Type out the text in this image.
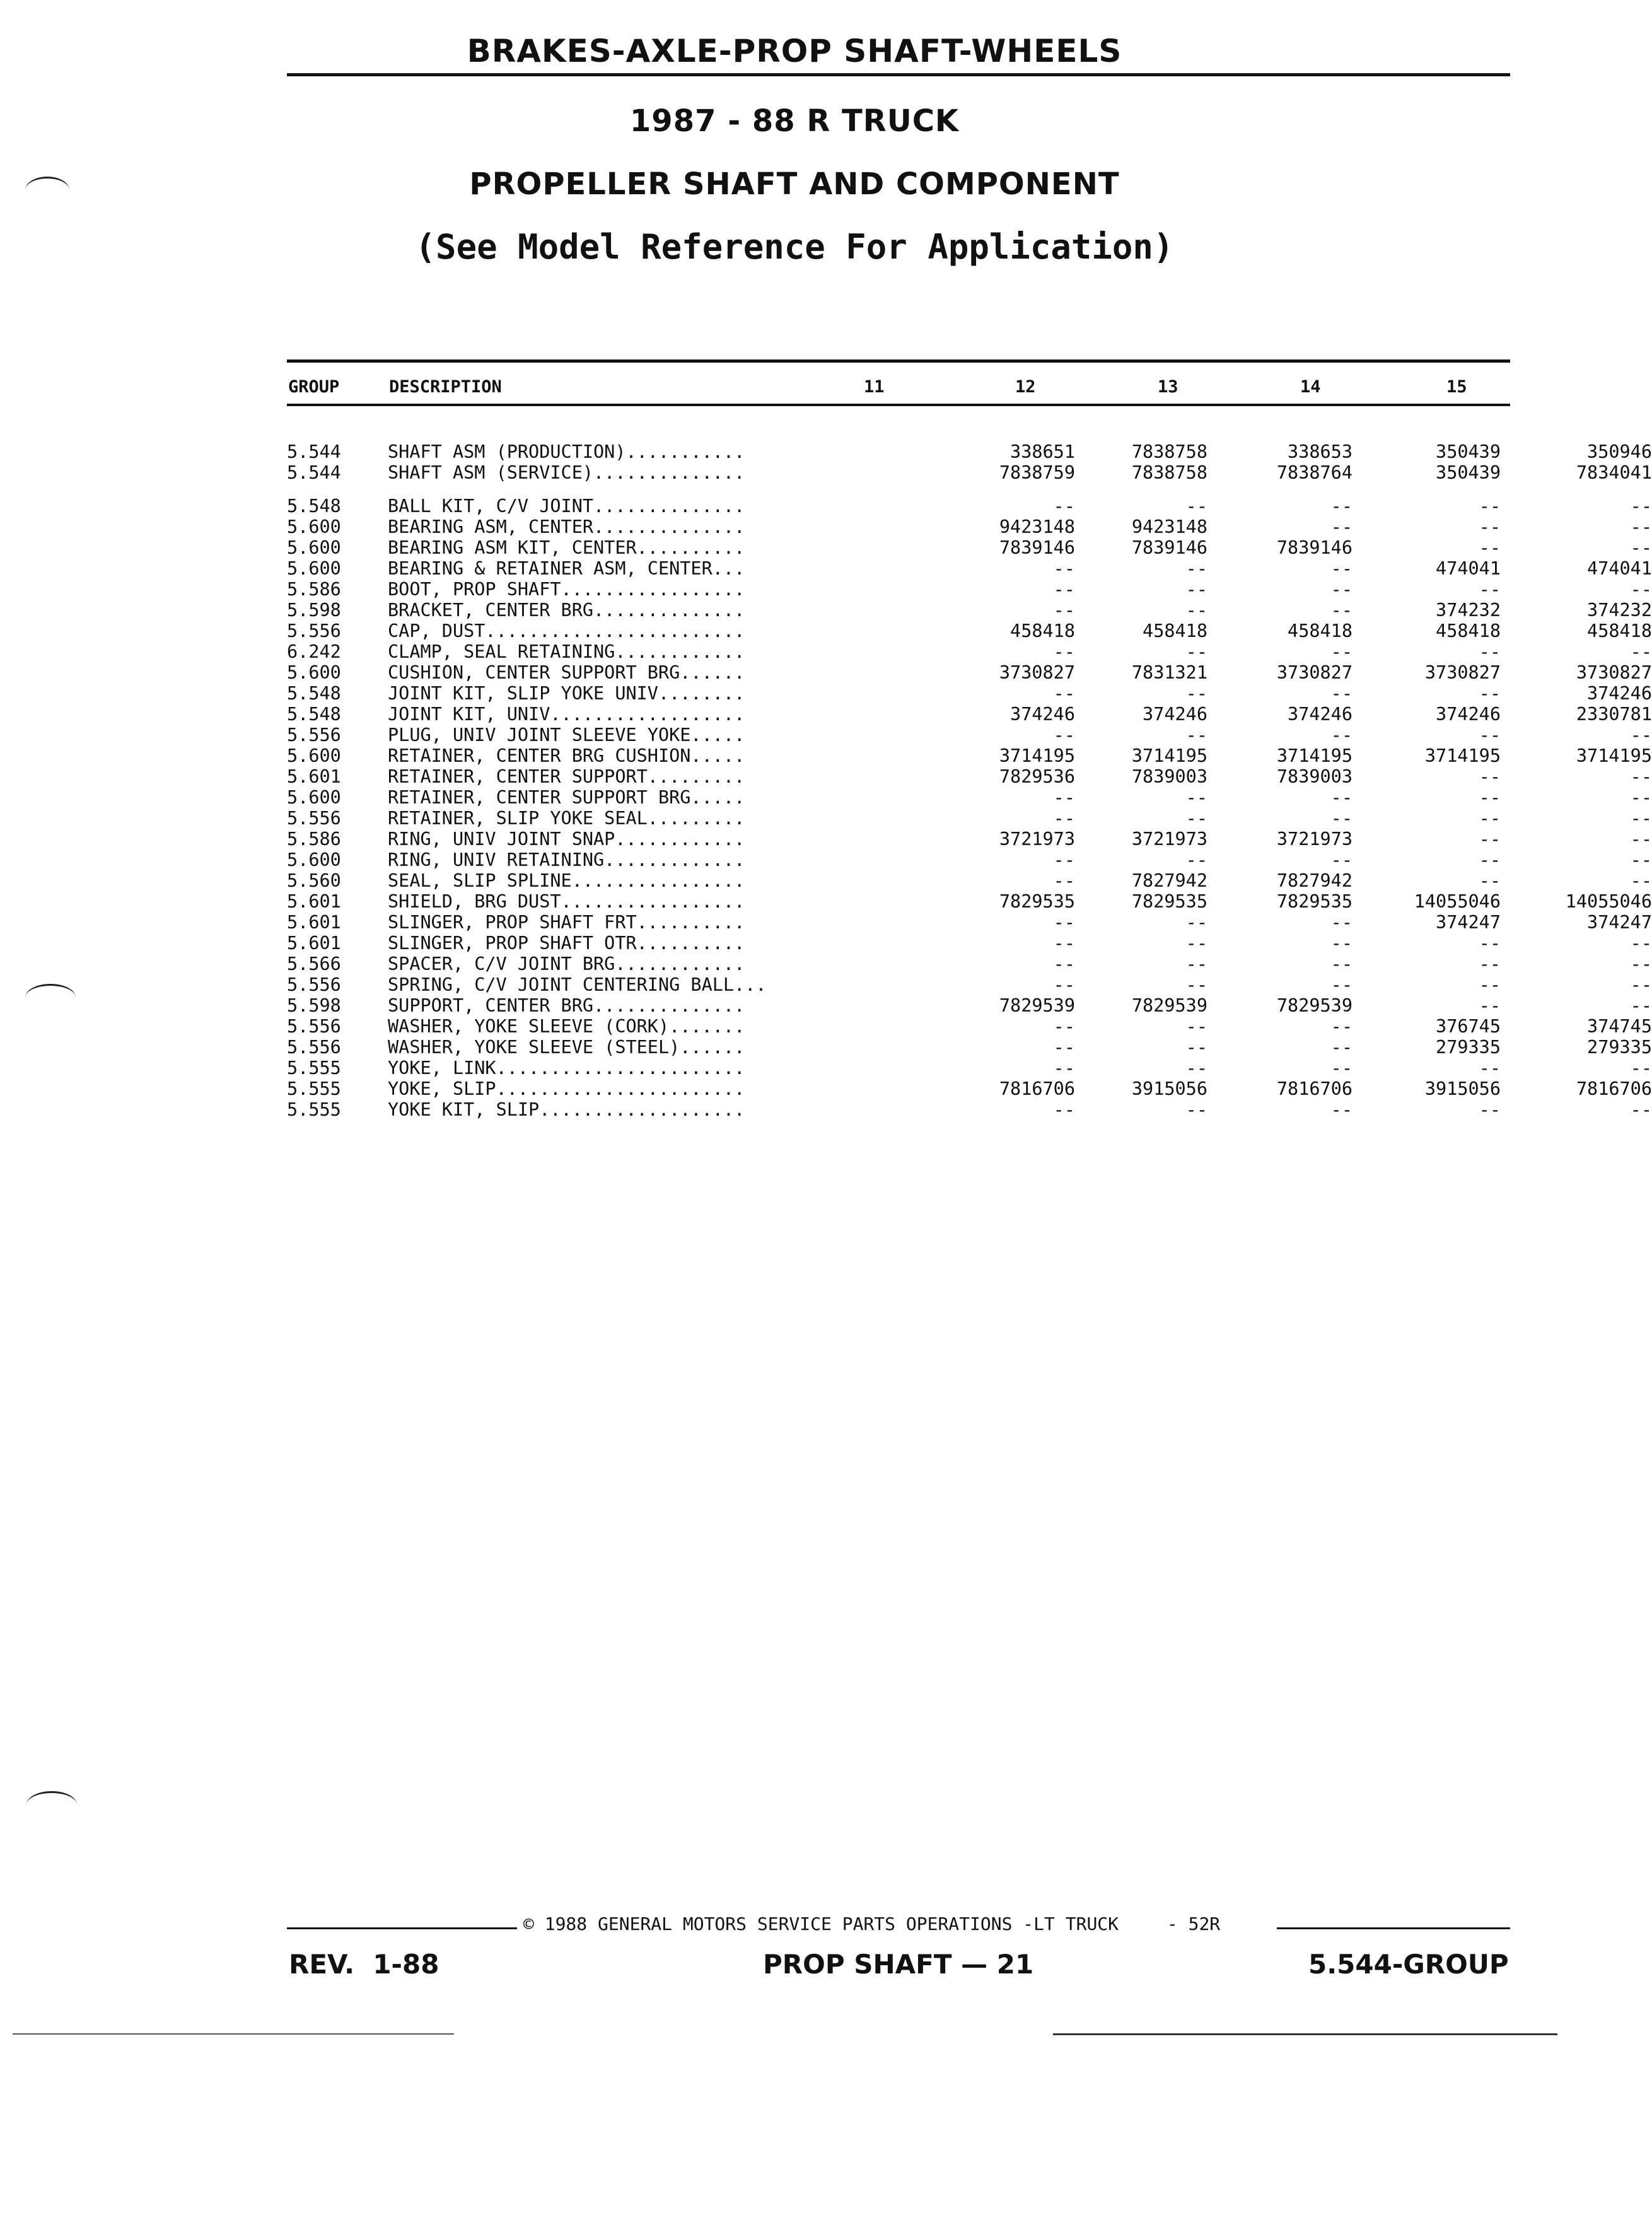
BRAKES-AXLE-PROP SHAFT-WHEELS
1987 - 88 R TRUCK
PROPELLER SHAFT AND COMPONENT
(See Model Reference For Application)
GROUP	DESCRIPTION	11	12	13	14	15
5.544	SHAFT ASM (PRODUCTION)...........	338651	7838758	338653	350439	350946
5.544	SHAFT ASM (SERVICE)..............	7838759	7838758	7838764	350439	7834041
5.548	BALL KIT, C/V JOINT..............	--	--	--	--	--
5.600	BEARING ASM, CENTER..............	9423148	9423148	--	--	--
5.600	BEARING ASM KIT, CENTER..........	7839146	7839146	7839146	--	--
5.600	BEARING & RETAINER ASM, CENTER...	--	--	--	474041	474041
5.586	BOOT, PROP SHAFT.................	--	--	--	--	--
5.598	BRACKET, CENTER BRG..............	--	--	--	374232	374232
5.556	CAP, DUST........................	458418	458418	458418	458418	458418
6.242	CLAMP, SEAL RETAINING............	--	--	--	--	--
5.600	CUSHION, CENTER SUPPORT BRG......	3730827	7831321	3730827	3730827	3730827
5.548	JOINT KIT, SLIP YOKE UNIV........	--	--	--	--	374246
5.548	JOINT KIT, UNIV..................	374246	374246	374246	374246	2330781
5.556	PLUG, UNIV JOINT SLEEVE YOKE.....	--	--	--	--	--
5.600	RETAINER, CENTER BRG CUSHION.....	3714195	3714195	3714195	3714195	3714195
5.601	RETAINER, CENTER SUPPORT.........	7829536	7839003	7839003	--	--
5.600	RETAINER, CENTER SUPPORT BRG.....	--	--	--	--	--
5.556	RETAINER, SLIP YOKE SEAL.........	--	--	--	--	--
5.586	RING, UNIV JOINT SNAP............	3721973	3721973	3721973	--	--
5.600	RING, UNIV RETAINING.............	--	--	--	--	--
5.560	SEAL, SLIP SPLINE................	--	7827942	7827942	--	--
5.601	SHIELD, BRG DUST.................	7829535	7829535	7829535	14055046	14055046
5.601	SLINGER, PROP SHAFT FRT..........	--	--	--	374247	374247
5.601	SLINGER, PROP SHAFT OTR..........	--	--	--	--	--
5.566	SPACER, C/V JOINT BRG............	--	--	--	--	--
5.556	SPRING, C/V JOINT CENTERING BALL...	--	--	--	--	--
5.598	SUPPORT, CENTER BRG..............	7829539	7829539	7829539	--	--
5.556	WASHER, YOKE SLEEVE (CORK).......	--	--	--	376745	374745
5.556	WASHER, YOKE SLEEVE (STEEL)......	--	--	--	279335	279335
5.555	YOKE, LINK.......................	--	--	--	--	--
5.555	YOKE, SLIP.......................	7816706	3915056	7816706	3915056	7816706
5.555	YOKE KIT, SLIP...................	--	--	--	--	--
© 1988 GENERAL MOTORS SERVICE PARTS OPERATIONS -LT TRUCK	- 52R
REV.  1-88	PROP SHAFT — 21	5.544-GROUP
